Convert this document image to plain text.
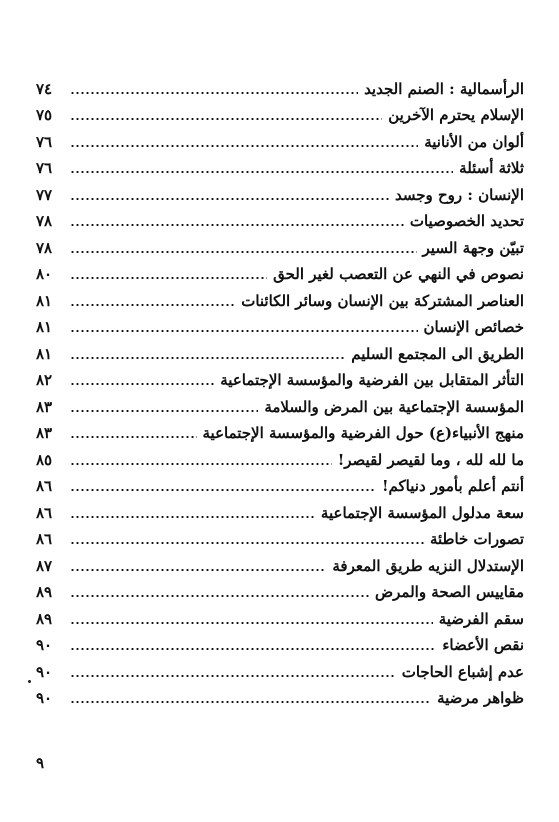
الرأسمالية : الصنم الجديد
٧٤
الإسلام يحترم الآخرين
٧٥
ألوان من الأنانية
٧٦
ثلاثة أسئلة
٧٦
الإنسان : روح وجسد
٧٧
تحديد الخصوصيات
٧٨
تبيّن وجهة السير
٧٨
نصوص في النهي عن التعصب لغير الحق
٨٠
العناصر المشتركة بين الإنسان وسائر الكائنات
٨١
خصائص الإنسان
٨١
الطريق الى المجتمع السليم
٨١
التأثر المتقابل بين الفرضية والمؤسسة الإجتماعية
٨٢
المؤسسة الإجتماعية بين المرض والسلامة
٨٣
منهج الأنبياء(ع) حول الفرضية والمؤسسة الإجتماعية
٨٣
ما لله لله ، وما لقيصر لقيصر!
٨٥
أنتم أعلم بأمور دنياكم!
٨٦
سعة مدلول المؤسسة الإجتماعية
٨٦
تصورات خاطئة
٨٦
الإستدلال النزيه طريق المعرفة
٨٧
مقاييس الصحة والمرض
٨٩
سقم الفرضية
٨٩
نقص الأعضاء
٩٠
عدم إشباع الحاجات
٩٠
ظواهر مرضية
٩٠
٩
